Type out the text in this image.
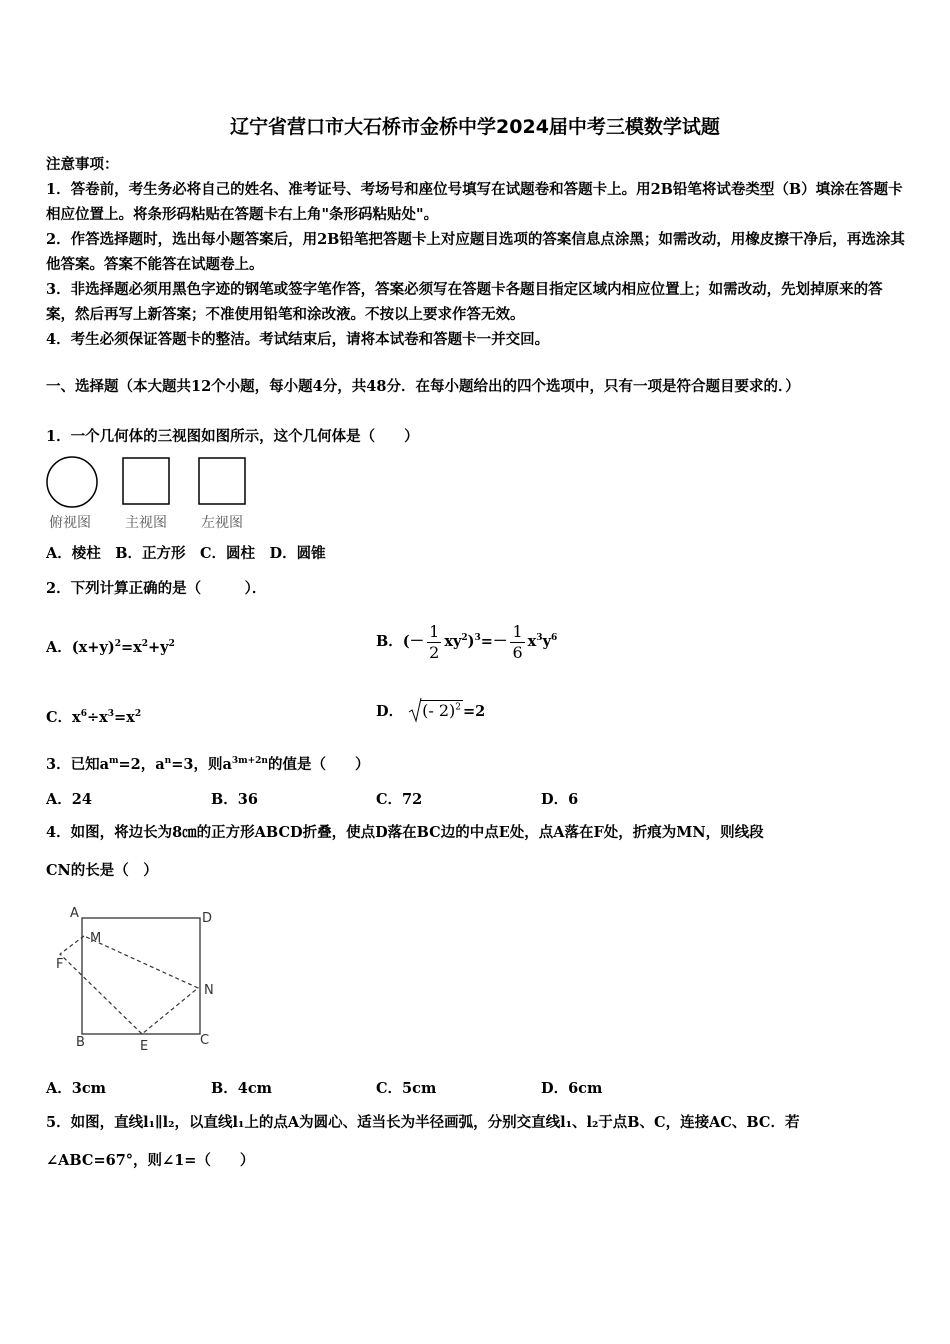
辽宁省营口市大石桥市金桥中学2024届中考三模数学试题

注意事项：

1．答卷前，考生务必将自己的姓名、准考证号、考场号和座位号填写在试题卷和答题卡上。用2B铅笔将试卷类型（B）填涂在答题卡相应位置上。将条形码粘贴在答题卡右上角"条形码粘贴处"。

2．作答选择题时，选出每小题答案后，用2B铅笔把答题卡上对应题目选项的答案信息点涂黑；如需改动，用橡皮擦干净后，再选涂其他答案。答案不能答在试题卷上。

3．非选择题必须用黑色字迹的钢笔或签字笔作答，答案必须写在答题卡各题目指定区域内相应位置上；如需改动，先划掉原来的答案，然后再写上新答案；不准使用铅笔和涂改液。不按以上要求作答无效。

4．考生必须保证答题卡的整洁。考试结束后，请将本试卷和答题卡一并交回。

一、选择题（本大题共12个小题，每小题4分，共48分．在每小题给出的四个选项中，只有一项是符合题目要求的．）

1．一个几何体的三视图如图所示，这个几何体是（　　）

俯视图	主视图	左视图
A．棱柱　B．正方形　C．圆柱　D．圆锥

2．下列计算正确的是（　　　）．

A．$(x+y)^2=x^2+y^2$	B．(－ $\frac{1}{2} xy^2)^3=- \frac{1}{6} x^3y^6$
C．$x^6\div x^3=x^2$	D． (- 2)$^2$ =2

3．已知$a^m=2$，$a^n=3$，则$a^{3m+2n}$的值是（　　）

A．24	B．36	C．72	D．6

4．如图，将边长为8㎝的正方形ABCD折叠，使点D落在BC边的中点E处，点A落在F处，折痕为MN，则线段

CN的长是（　）

A	D
M
F
N
B	E	C
A．3cm	B．4cm	C．5cm	D．6cm

5．如图，直线l₁∥l₂，以直线l₁上的点A为圆心、适当长为半径画弧，分别交直线l₁、l₂于点B、C，连接AC、BC．若

∠ABC=67°，则∠1=（　　）
